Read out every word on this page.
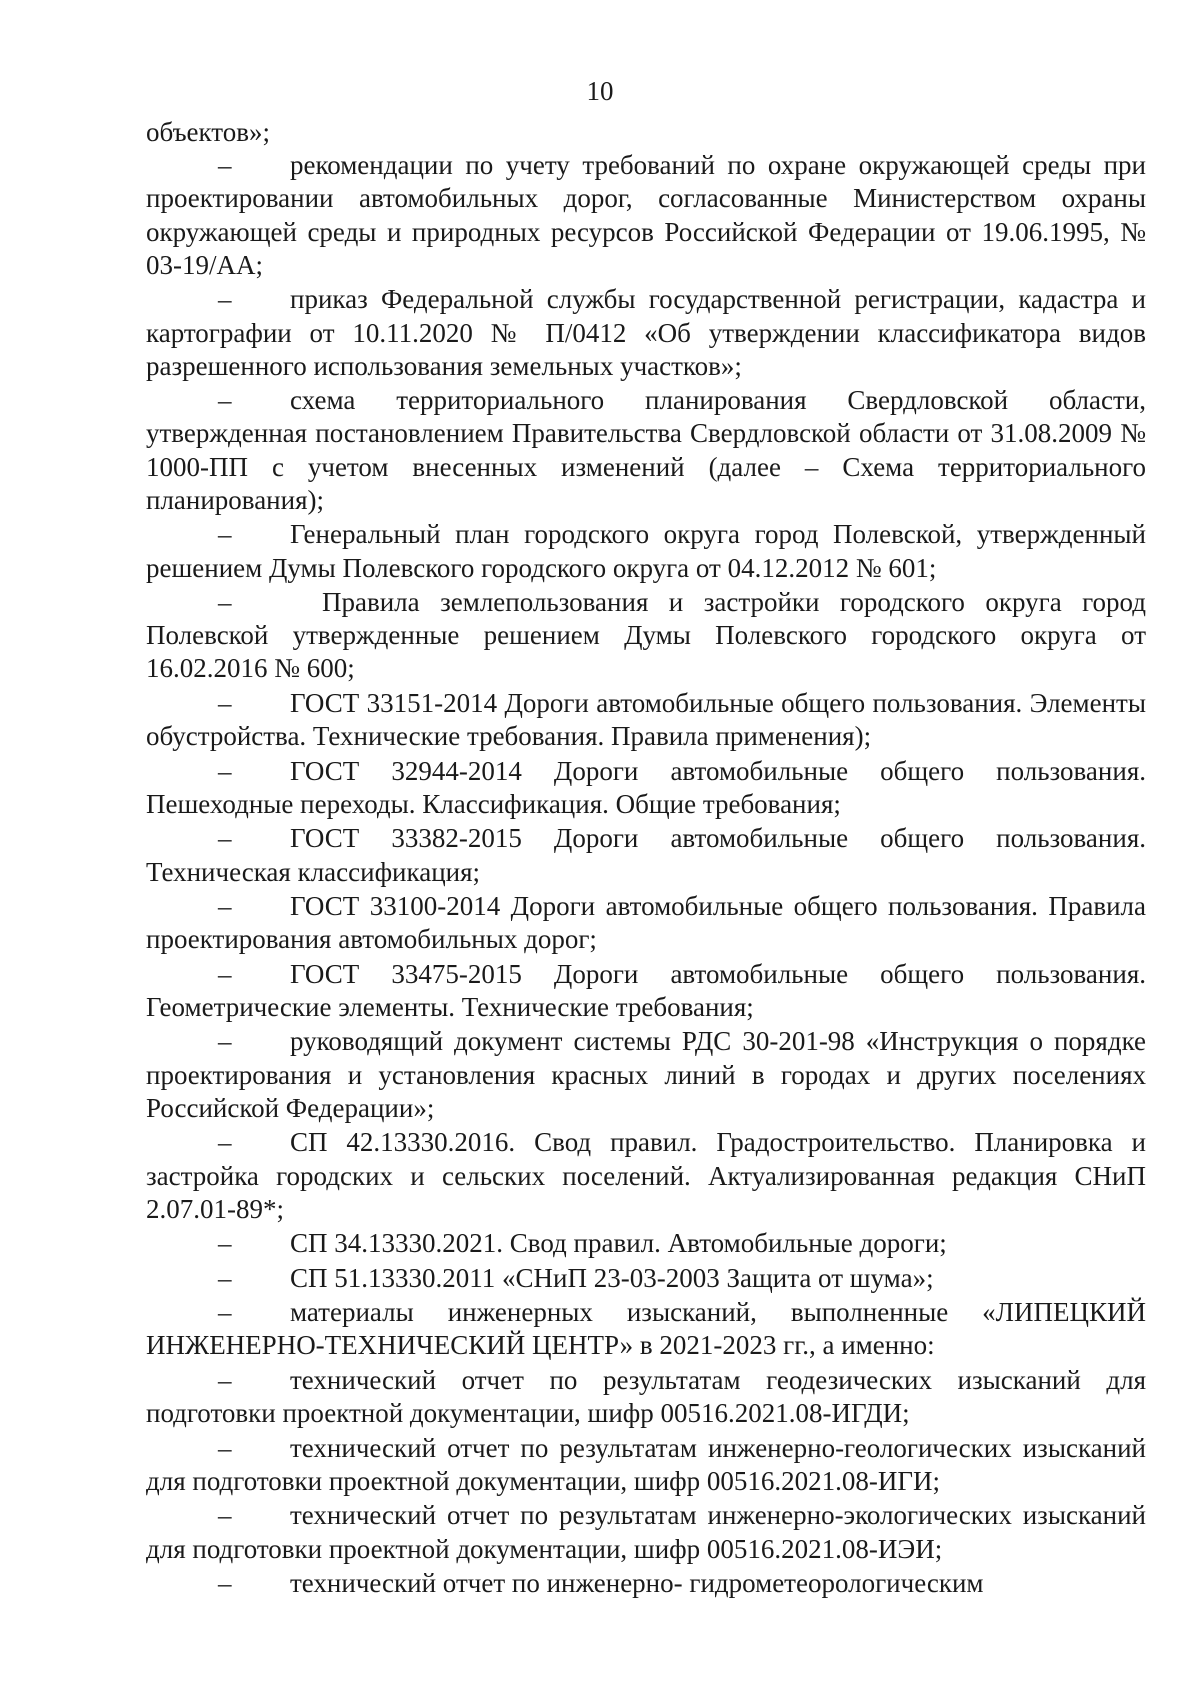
10

объектов»;

– рекомендации по учету требований по охране окружающей среды при проектировании автомобильных дорог, согласованные Министерством охраны окружающей среды и природных ресурсов Российской Федерации от 19.06.1995, № 03-19/АА;

– приказ Федеральной службы государственной регистрации, кадастра и картографии от 10.11.2020 № П/0412 «Об утверждении классификатора видов разрешенного использования земельных участков»;

– схема территориального планирования Свердловской области, утвержденная постановлением Правительства Свердловской области от 31.08.2009 № 1000-ПП с учетом внесенных изменений (далее – Схема территориального планирования);

– Генеральный план городского округа город Полевской, утвержденный решением Думы Полевского городского округа от 04.12.2012 № 601;

–	Правила землепользования и застройки городского округа город Полевской утвержденные решением Думы Полевского городского округа от 16.02.2016 № 600;

– ГОСТ 33151-2014 Дороги автомобильные общего пользования. Элементы обустройства. Технические требования. Правила применения);

– ГОСТ 32944-2014 Дороги автомобильные общего пользования. Пешеходные переходы. Классификация. Общие требования;

– ГОСТ 33382-2015 Дороги автомобильные общего пользования. Техническая классификация;

– ГОСТ 33100-2014 Дороги автомобильные общего пользования. Правила проектирования автомобильных дорог;

– ГОСТ 33475-2015 Дороги автомобильные общего пользования. Геометрические элементы. Технические требования;

– руководящий документ системы РДС 30-201-98 «Инструкция о порядке проектирования и установления красных линий в городах и других поселениях Российской Федерации»;

– СП 42.13330.2016. Свод правил. Градостроительство. Планировка и застройка городских и сельских поселений. Актуализированная редакция СНиП 2.07.01-89*;

– СП 34.13330.2021. Свод правил. Автомобильные дороги;

– СП 51.13330.2011 «СНиП 23-03-2003 Защита от шума»;

– материалы инженерных изысканий, выполненные «ЛИПЕЦКИЙ ИНЖЕНЕРНО-ТЕХНИЧЕСКИЙ ЦЕНТР» в 2021-2023 гг., а именно:

– технический отчет по результатам геодезических изысканий для подготовки проектной документации, шифр 00516.2021.08-ИГДИ;

– технический отчет по результатам инженерно-геологических изысканий для подготовки проектной документации, шифр 00516.2021.08-ИГИ;

– технический отчет по результатам инженерно-экологических изысканий для подготовки проектной документации, шифр 00516.2021.08-ИЭИ;

– технический отчет по инженерно- гидрометеорологическим
